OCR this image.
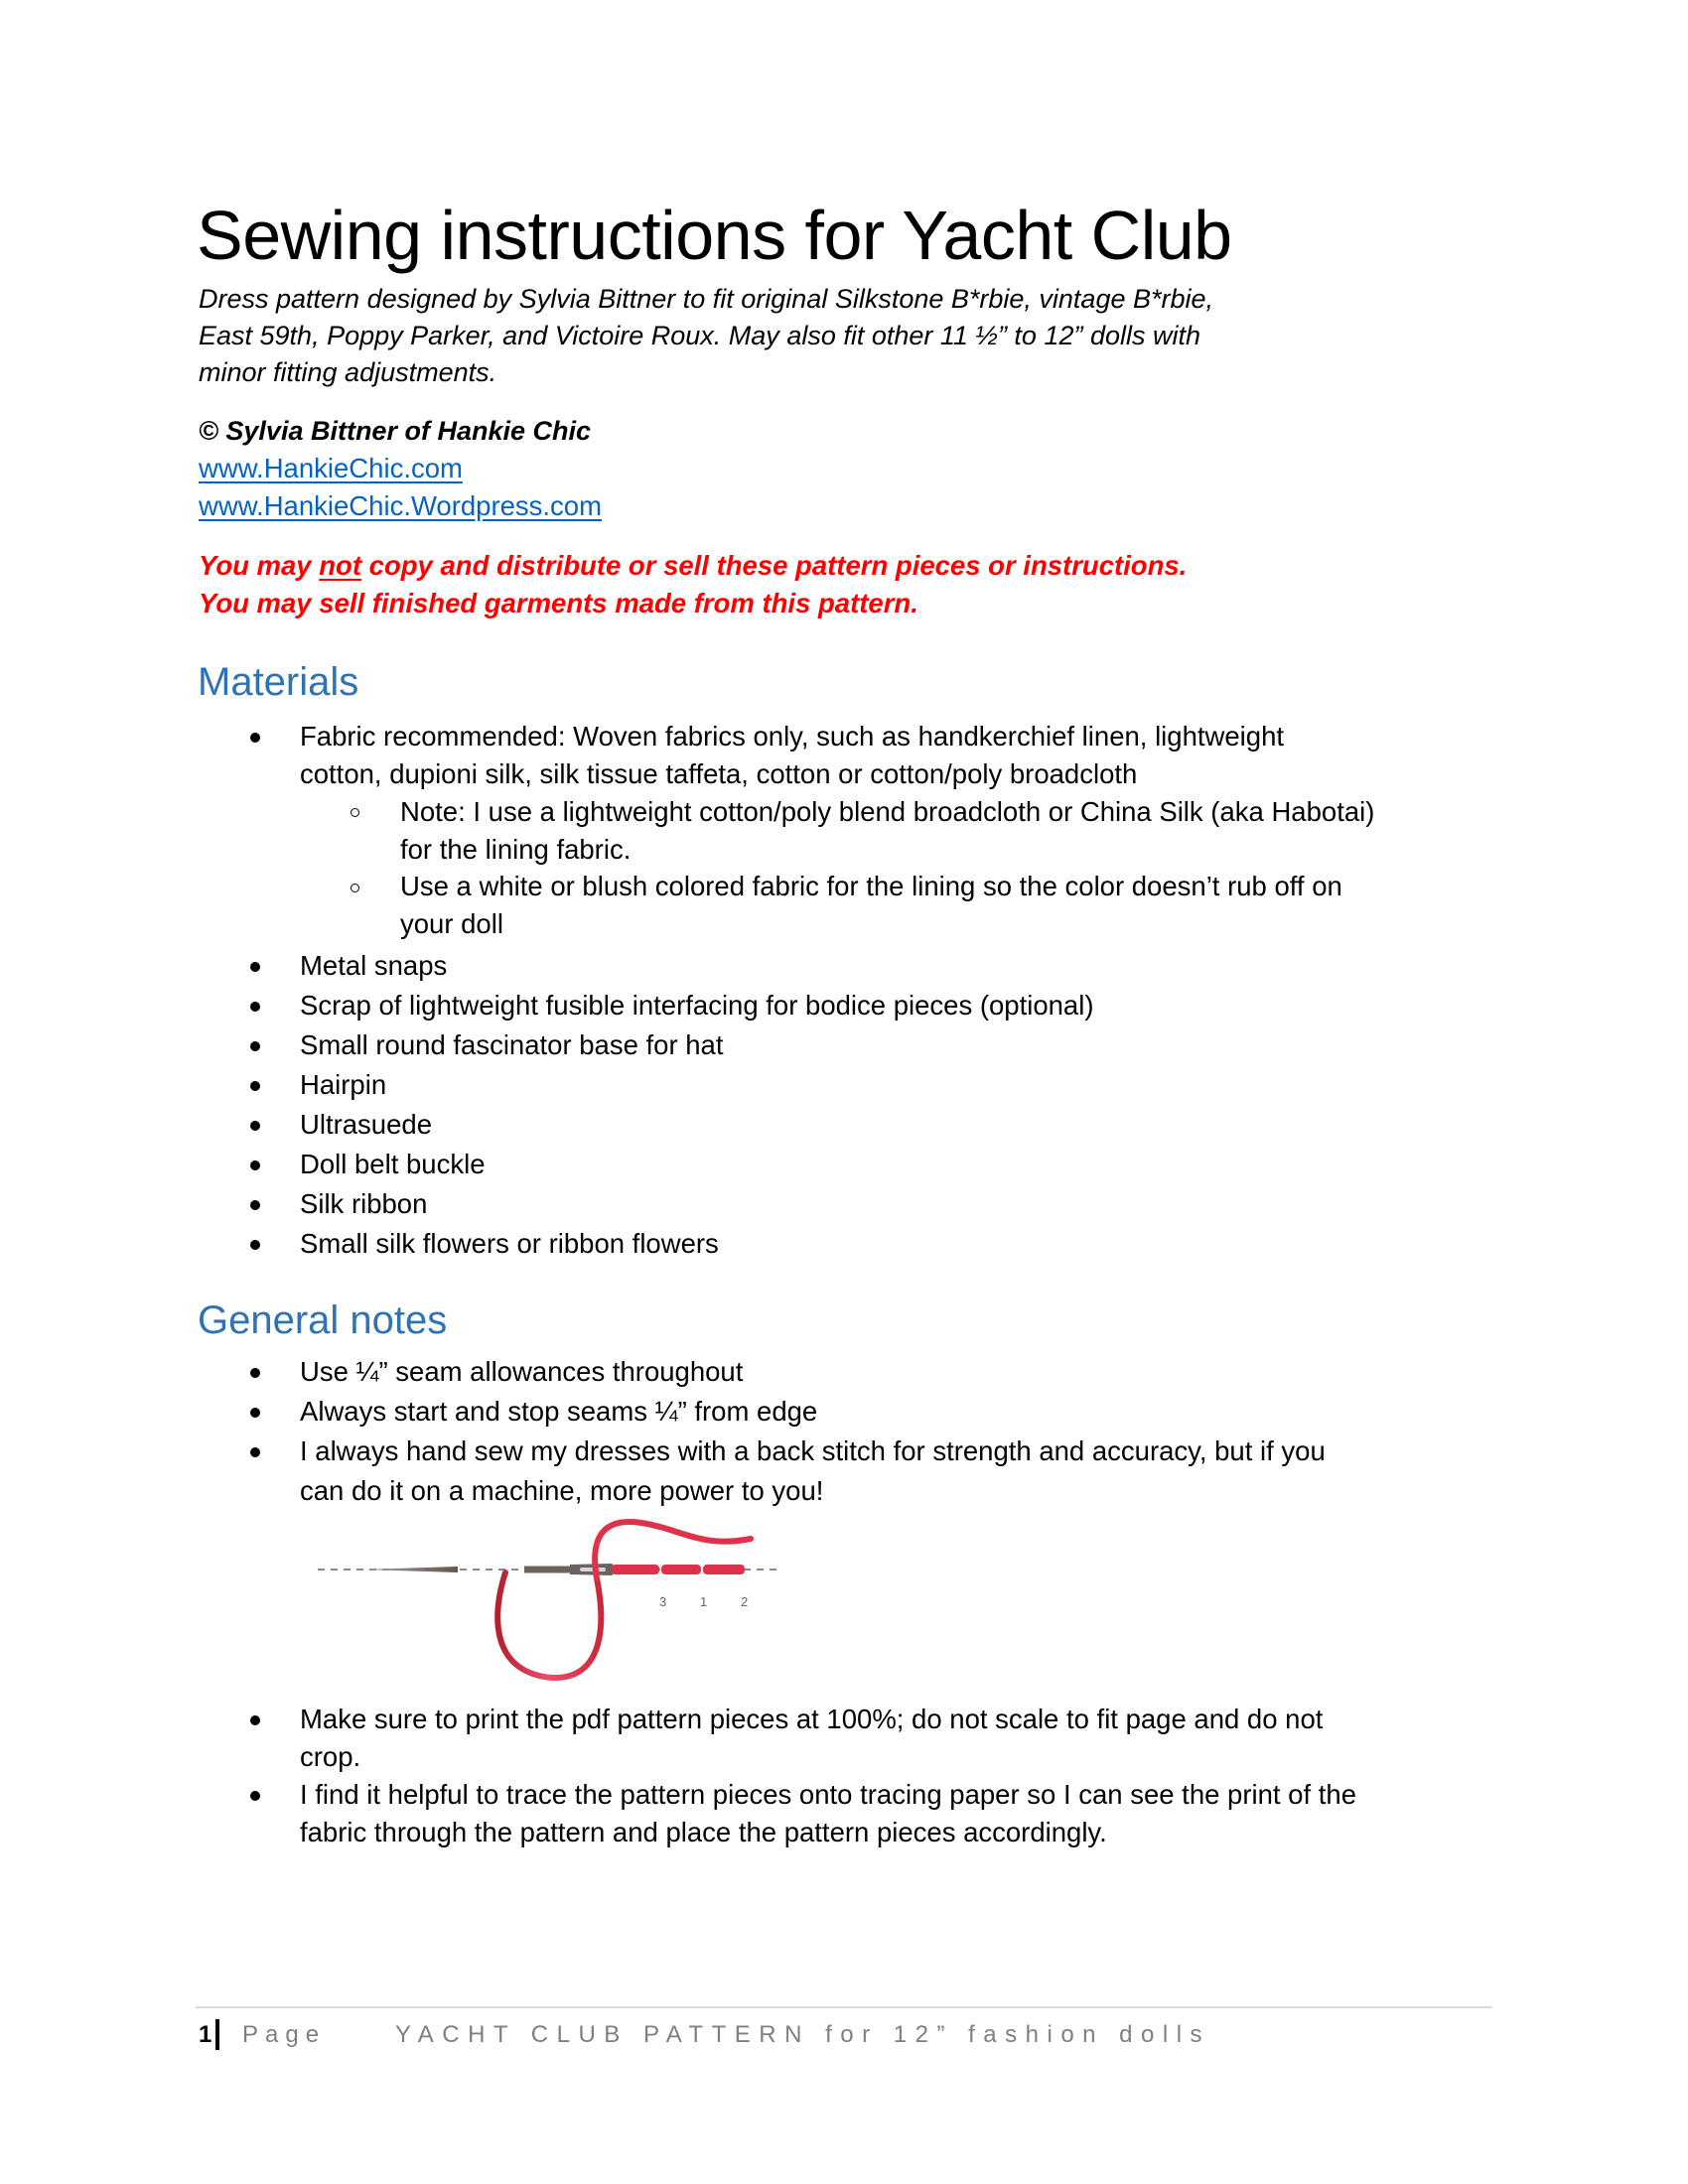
Sewing instructions for Yacht Club
Dress pattern designed by Sylvia Bittner to fit original Silkstone B*rbie, vintage B*rbie,
East 59th, Poppy Parker, and Victoire Roux. May also fit other 11 ½” to 12” dolls with
minor fitting adjustments.
© Sylvia Bittner of Hankie Chic
www.HankieChic.com
www.HankieChic.Wordpress.com
You may not copy and distribute or sell these pattern pieces or instructions.
You may sell finished garments made from this pattern.
Materials
Fabric recommended: Woven fabrics only, such as handkerchief linen, lightweight
cotton, dupioni silk, silk tissue taffeta, cotton or cotton/poly broadcloth
Note: I use a lightweight cotton/poly blend broadcloth or China Silk (aka Habotai)
for the lining fabric.
Use a white or blush colored fabric for the lining so the color doesn’t rub off on
your doll
Metal snaps
Scrap of lightweight fusible interfacing for bodice pieces (optional)
Small round fascinator base for hat
Hairpin
Ultrasuede
Doll belt buckle
Silk ribbon
Small silk flowers or ribbon flowers
General notes
Use ¼” seam allowances throughout
Always start and stop seams ¼” from edge
I always hand sew my dresses with a back stitch for strength and accuracy, but if you
can do it on a machine, more power to you!
3	1	2
Make sure to print the pdf pattern pieces at 100%; do not scale to fit page and do not
crop.
I find it helpful to trace the pattern pieces onto tracing paper so I can see the print of the
fabric through the pattern and place the pattern pieces accordingly.
1 Page	YACHT CLUB PATTERN for 12” fashion dolls
